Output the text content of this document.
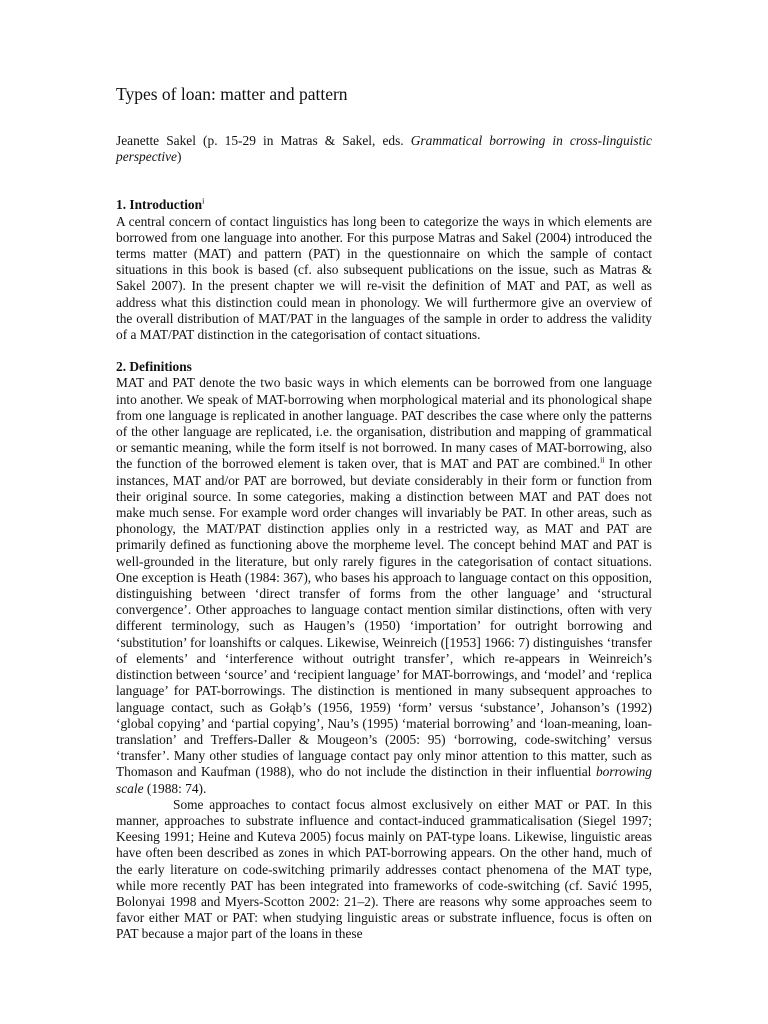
Types of loan: matter and pattern

Jeanette Sakel (p. 15-29 in Matras & Sakel, eds. Grammatical borrowing in cross-linguistic perspective)

1. Introduction$^i$

A central concern of contact linguistics has long been to categorize the ways in which elements are borrowed from one language into another. For this purpose Matras and Sakel (2004) introduced the terms matter (MAT) and pattern (PAT) in the questionnaire on which the sample of contact situations in this book is based (cf. also subsequent publications on the issue, such as Matras & Sakel 2007). In the present chapter we will re-visit the definition of MAT and PAT, as well as address what this distinction could mean in phonology. We will furthermore give an overview of the overall distribution of MAT/PAT in the languages of the sample in order to address the validity of a MAT/PAT distinction in the categorisation of contact situations.

2. Definitions

MAT and PAT denote the two basic ways in which elements can be borrowed from one language into another. We speak of MAT-borrowing when morphological material and its phonological shape from one language is replicated in another language. PAT describes the case where only the patterns of the other language are replicated, i.e. the organisation, distribution and mapping of grammatical or semantic meaning, while the form itself is not borrowed. In many cases of MAT-borrowing, also the function of the borrowed element is taken over, that is MAT and PAT are combined.$^{ii}$ In other instances, MAT and/or PAT are borrowed, but deviate considerably in their form or function from their original source. In some categories, making a distinction between MAT and PAT does not make much sense. For example word order changes will invariably be PAT. In other areas, such as phonology, the MAT/PAT distinction applies only in a restricted way, as MAT and PAT are primarily defined as functioning above the morpheme level. The concept behind MAT and PAT is well-grounded in the literature, but only rarely figures in the categorisation of contact situations. One exception is Heath (1984: 367), who bases his approach to language contact on this opposition, distinguishing between ‘direct transfer of forms from the other language’ and ‘structural convergence’. Other approaches to language contact mention similar distinctions, often with very different terminology, such as Haugen’s (1950) ‘importation’ for outright borrowing and ‘substitution’ for loanshifts or calques. Likewise, Weinreich ([1953] 1966: 7) distinguishes ‘transfer of elements’ and ‘interference without outright transfer’, which re-appears in Weinreich’s distinction between ‘source’ and ‘recipient language’ for MAT-borrowings, and ‘model’ and ‘replica language’ for PAT-borrowings. The distinction is mentioned in many subsequent approaches to language contact, such as Gołąb’s (1956, 1959) ‘form’ versus ‘substance’, Johanson’s (1992) ‘global copying’ and ‘partial copying’, Nau’s (1995) ‘material borrowing’ and ‘loan-meaning, loan-translation’ and Treffers-Daller & Mougeon’s (2005: 95) ‘borrowing, code-switching’ versus ‘transfer’. Many other studies of language contact pay only minor attention to this matter, such as Thomason and Kaufman (1988), who do not include the distinction in their influential borrowing scale (1988: 74).

Some approaches to contact focus almost exclusively on either MAT or PAT. In this manner, approaches to substrate influence and contact-induced grammaticalisation (Siegel 1997; Keesing 1991; Heine and Kuteva 2005) focus mainly on PAT-type loans. Likewise, linguistic areas have often been described as zones in which PAT-borrowing appears. On the other hand, much of the early literature on code-switching primarily addresses contact phenomena of the MAT type, while more recently PAT has been integrated into frameworks of code-switching (cf. Savić 1995, Bolonyai 1998 and Myers-Scotton 2002: 21–2). There are reasons why some approaches seem to favor either MAT or PAT: when studying linguistic areas or substrate influence, focus is often on PAT because a major part of the loans in these
